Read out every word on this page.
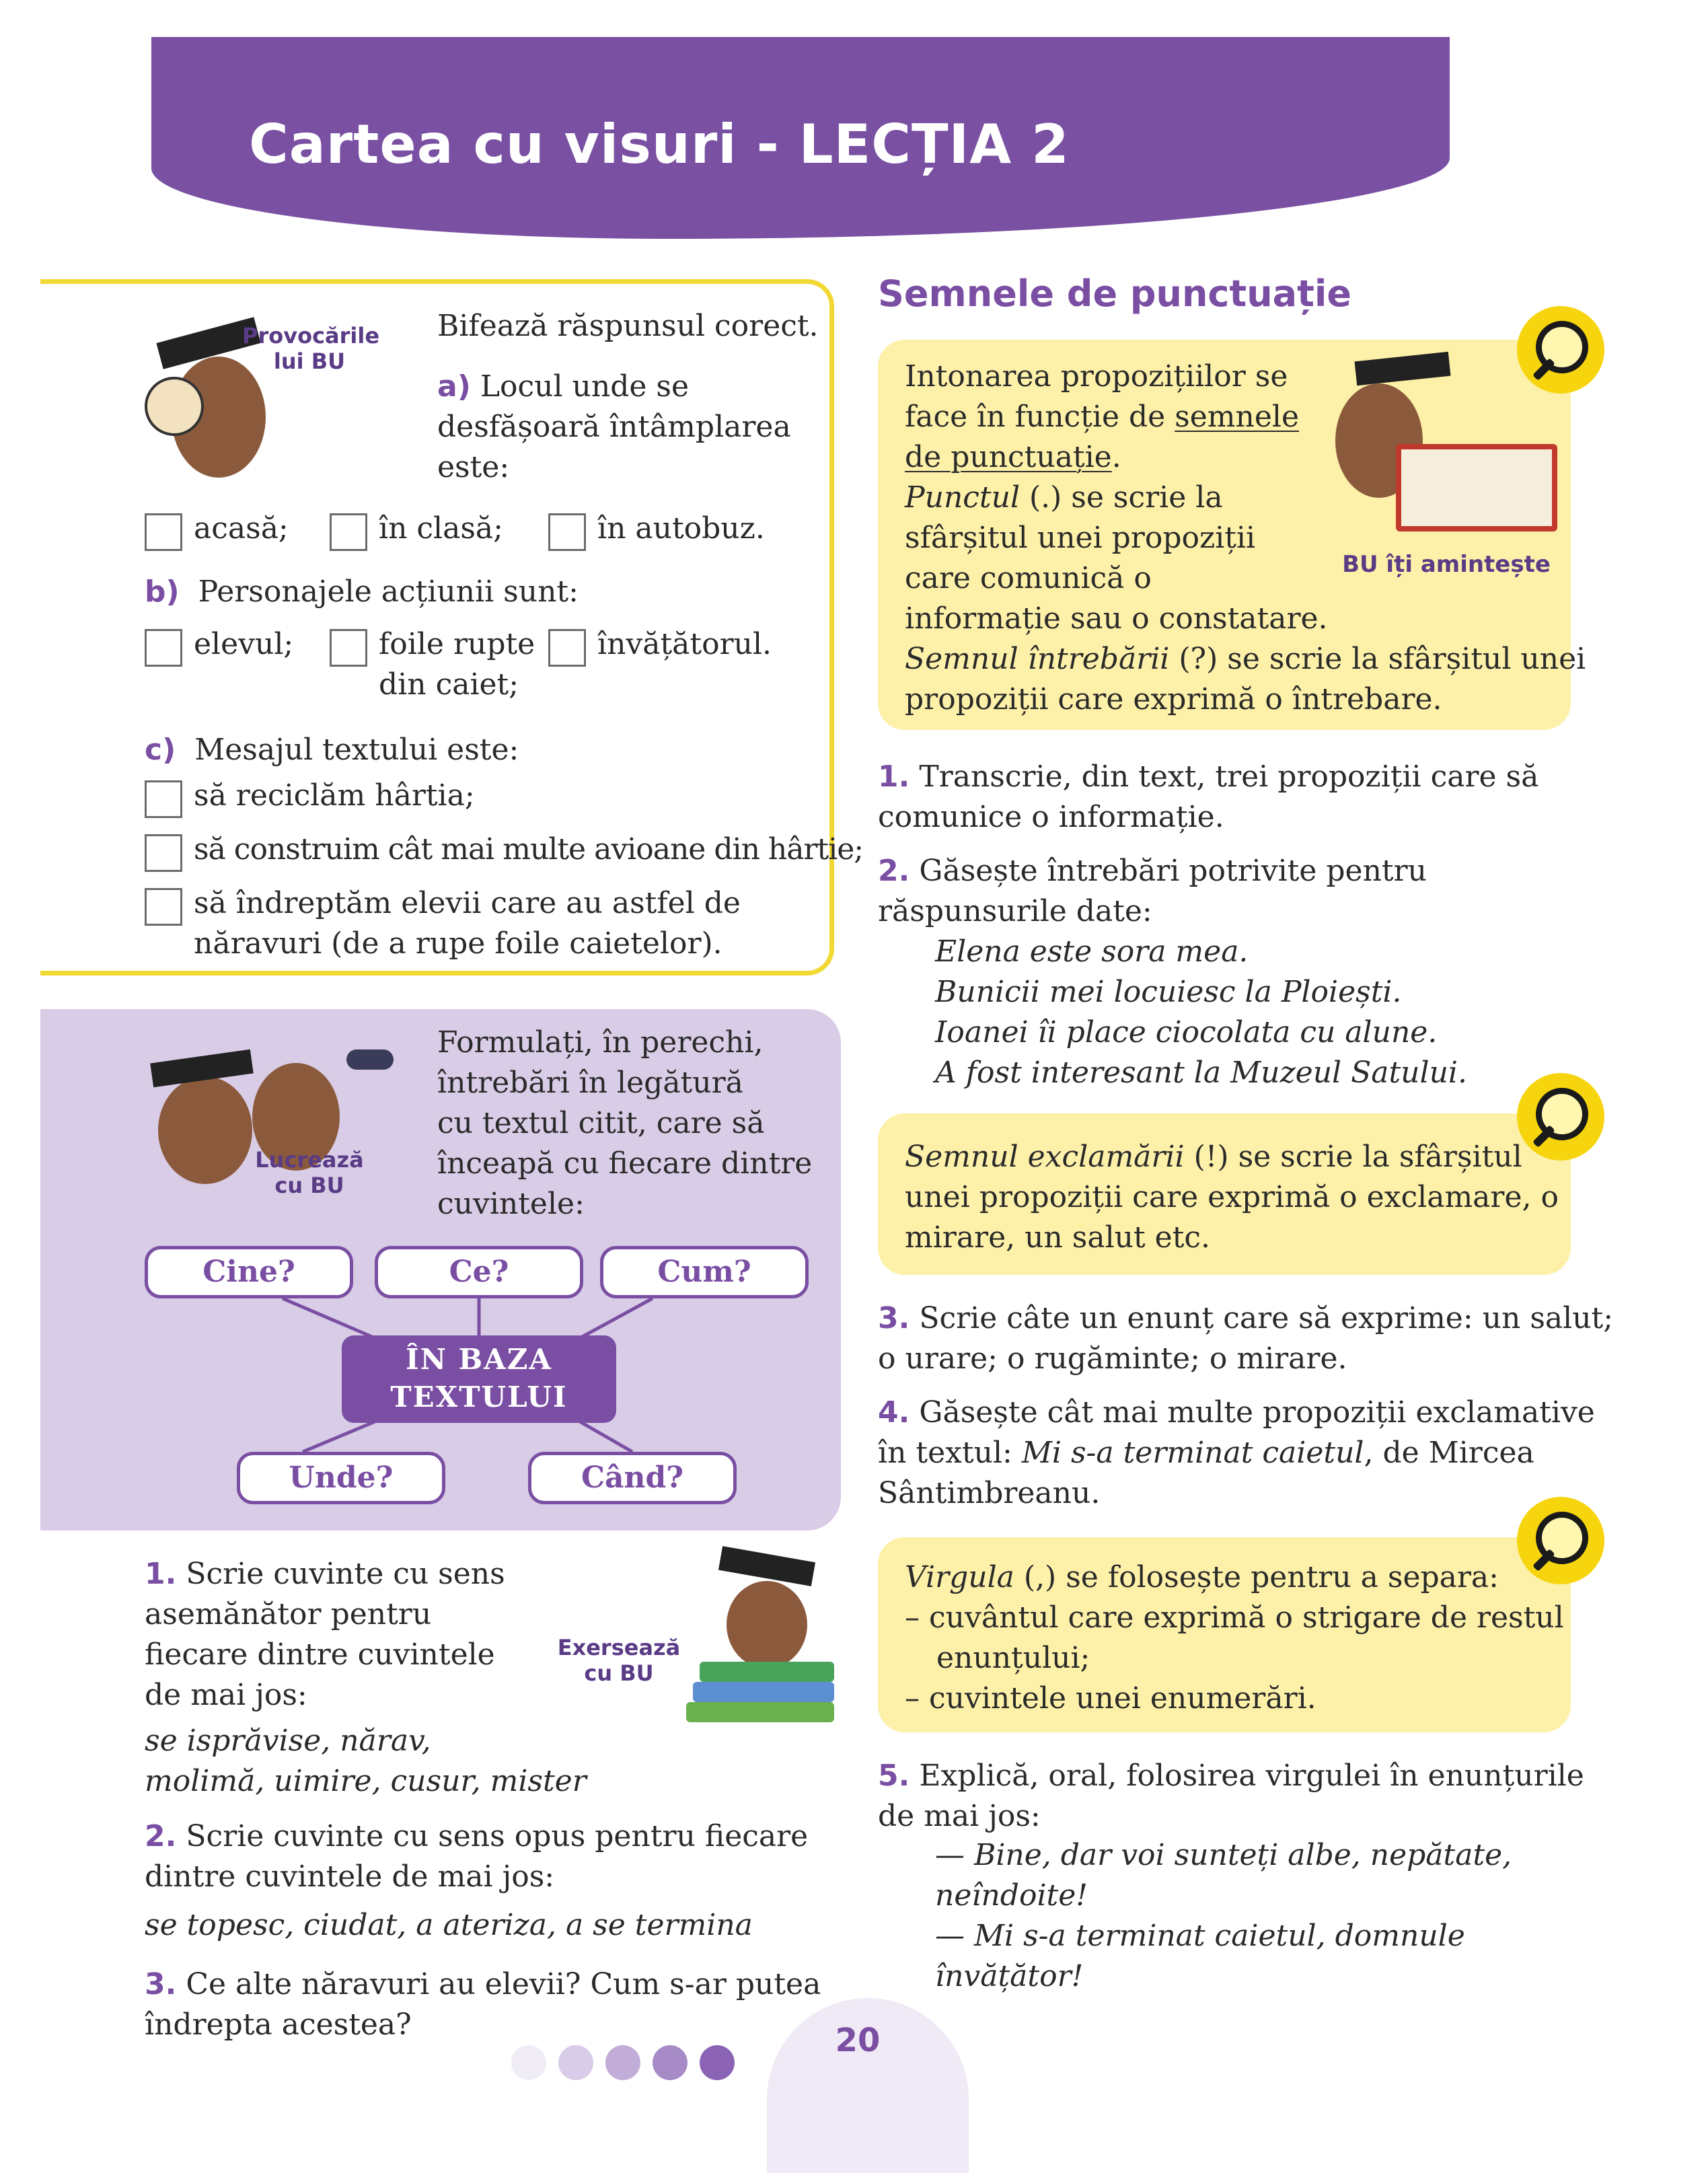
Cartea cu visuri - LECȚIA 2
Provocările
lui BU

Bifează răspunsul corect.

a) Locul unde se
desfășoară întâmplarea
este:

acasă;	în clasă;	în autobuz.

b) Personajele acțiunii sunt:

elevul;	foile rupte
din caiet;

învățătorul.

c) Mesajul textului este:

să reciclăm hârtia;

să construim cât mai multe avioane din hârtie;

să îndreptăm elevii care au astfel de
năravuri (de a rupe foile caietelor).
Lucrează
cu BU
Formulați, în perechi,
întrebări în legătură
cu textul citit, care să
înceapă cu fiecare dintre
cuvintele:
Cine?	Ce?	Cum?
ÎN BAZA
TEXTULUI
Unde?	Când?
1. Scrie cuvinte cu sens
asemănător pentru
fiecare dintre cuvintele
de mai jos:
Exersează
cu BU
se isprăvise, nărav,
molimă, uimire, cusur, mister
2. Scrie cuvinte cu sens opus pentru fiecare
dintre cuvintele de mai jos:

se topesc, ciudat, a ateriza, a se termina

3. Ce alte năravuri au elevii? Cum s-ar putea
îndrepta acestea?
Semnele de punctuație
BU îți amintește
Intonarea propozițiilor se
face în funcție de semnele
de punctuație.
Punctul (.) se scrie la
sfârșitul unei propoziții
care comunică o
informație sau o constatare.
Semnul întrebării (?) se scrie la sfârșitul unei
propoziții care exprimă o întrebare.
1. Transcrie, din text, trei propoziții care să
comunice o informație.
2. Găsește întrebări potrivite pentru
răspunsurile date:
Elena este sora mea.
Bunicii mei locuiesc la Ploiești.
Ioanei îi place ciocolata cu alune.
A fost interesant la Muzeul Satului.
Semnul exclamării (!) se scrie la sfârșitul
unei propoziții care exprimă o exclamare, o
mirare, un salut etc.
3. Scrie câte un enunț care să exprime: un salut;
o urare; o rugăminte; o mirare.
4. Găsește cât mai multe propoziții exclamative
în textul: Mi s-a terminat caietul, de Mircea
Sântimbreanu.
Virgula (,) se folosește pentru a separa:
– cuvântul care exprimă o strigare de restul
enunțului;
– cuvintele unei enumerări.
5. Explică, oral, folosirea virgulei în enunțurile
de mai jos:
— Bine, dar voi sunteți albe, nepătate,
neîndoite!
— Mi s-a terminat caietul, domnule
învățător!
20
